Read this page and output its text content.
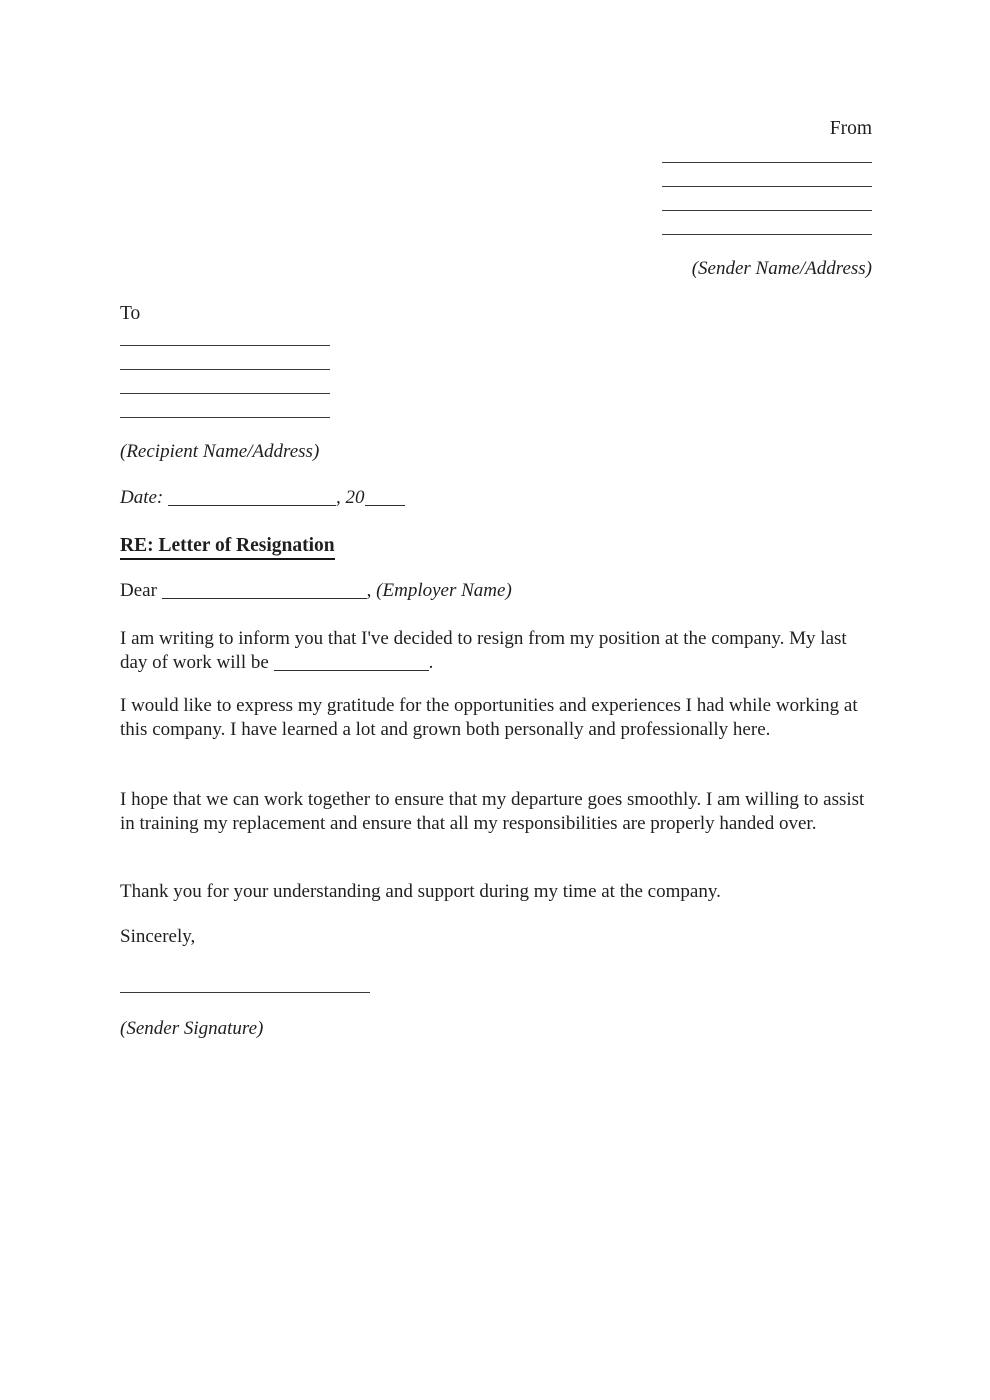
From
(Sender Name/Address)
To
(Recipient Name/Address)
Date:	, 20
RE: Letter of Resignation
Dear	, (Employer Name)
I am writing to inform you that I've decided to resign from my position at the company. My last day of work will be	.
I would like to express my gratitude for the opportunities and experiences I had while working at this company. I have learned a lot and grown both personally and professionally here.
I hope that we can work together to ensure that my departure goes smoothly. I am willing to assist in training my replacement and ensure that all my responsibilities are properly handed over.
Thank you for your understanding and support during my time at the company.
Sincerely,
(Sender Signature)
